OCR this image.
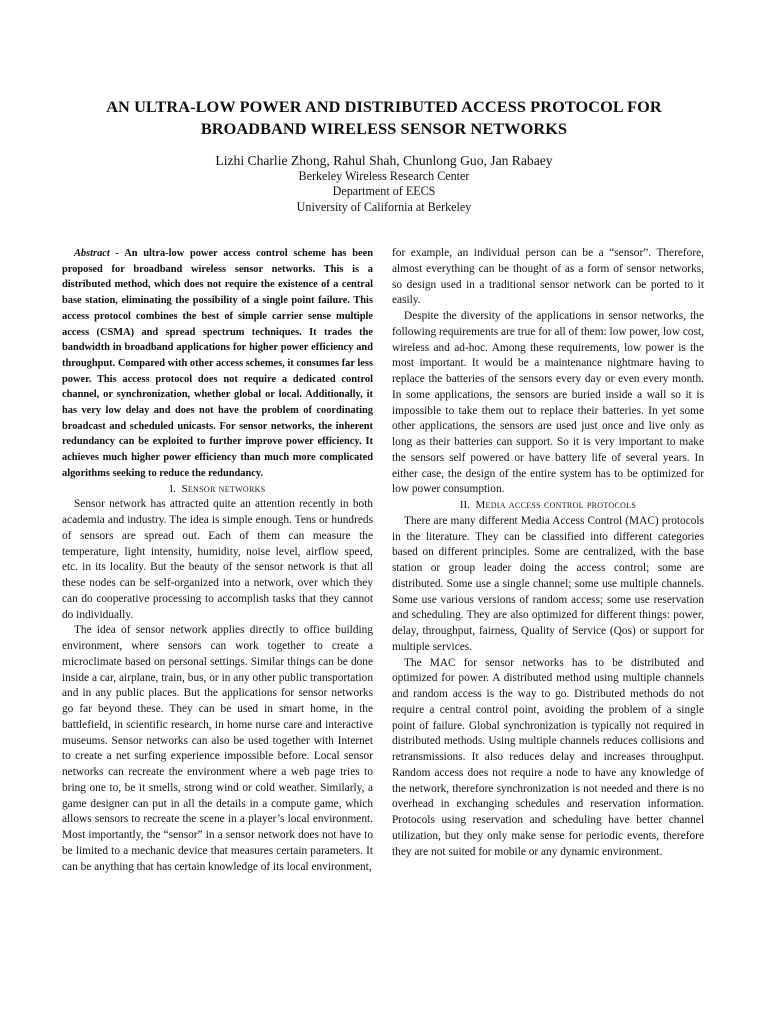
AN ULTRA-LOW POWER AND DISTRIBUTED ACCESS PROTOCOL FOR
BROADBAND WIRELESS SENSOR NETWORKS
Lizhi Charlie Zhong, Rahul Shah, Chunlong Guo, Jan Rabaey
Berkeley Wireless Research Center
Department of EECS
University of California at Berkeley

Abstract - An ultra-low power access control scheme has been proposed for broadband wireless sensor networks. This is a distributed method, which does not require the existence of a central base station, eliminating the possibility of a single point failure. This access protocol combines the best of simple carrier sense multiple access (CSMA) and spread spectrum techniques. It trades the bandwidth in broadband applications for higher power efficiency and throughput. Compared with other access schemes, it consumes far less power. This access protocol does not require a dedicated control channel, or synchronization, whether global or local. Additionally, it has very low delay and does not have the problem of coordinating broadcast and scheduled unicasts. For sensor networks, the inherent redundancy can be exploited to further improve power efficiency. It achieves much higher power efficiency than much more complicated algorithms seeking to reduce the redundancy.

I. Sensor networks

Sensor network has attracted quite an attention recently in both academia and industry. The idea is simple enough. Tens or hundreds of sensors are spread out. Each of them can measure the temperature, light intensity, humidity, noise level, airflow speed, etc. in its locality. But the beauty of the sensor network is that all these nodes can be self-organized into a network, over which they can do cooperative processing to accomplish tasks that they cannot do individually.

The idea of sensor network applies directly to office building environment, where sensors can work together to create a microclimate based on personal settings. Similar things can be done inside a car, airplane, train, bus, or in any other public transportation and in any public places. But the applications for sensor networks go far beyond these. They can be used in smart home, in the battlefield, in scientific research, in home nurse care and interactive museums. Sensor networks can also be used together with Internet to create a net surfing experience impossible before. Local sensor networks can recreate the environment where a web page tries to bring one to, be it smells, strong wind or cold weather. Similarly, a game designer can put in all the details in a compute game, which allows sensors to recreate the scene in a player’s local environment. Most importantly, the “sensor” in a sensor network does not have to be limited to a mechanic device that measures certain parameters. It can be anything that has certain knowledge of its local environment,

for example, an individual person can be a “sensor”. Therefore, almost everything can be thought of as a form of sensor networks, so design used in a traditional sensor network can be ported to it easily.

Despite the diversity of the applications in sensor networks, the following requirements are true for all of them: low power, low cost, wireless and ad-hoc. Among these requirements, low power is the most important. It would be a maintenance nightmare having to replace the batteries of the sensors every day or even every month. In some applications, the sensors are buried inside a wall so it is impossible to take them out to replace their batteries. In yet some other applications, the sensors are used just once and live only as long as their batteries can support. So it is very important to make the sensors self powered or have battery life of several years. In either case, the design of the entire system has to be optimized for low power consumption.

II. Media access control protocols

There are many different Media Access Control (MAC) protocols in the literature. They can be classified into different categories based on different principles. Some are centralized, with the base station or group leader doing the access control; some are distributed. Some use a single channel; some use multiple channels. Some use various versions of random access; some use reservation and scheduling. They are also optimized for different things: power, delay, throughput, fairness, Quality of Service (Qos) or support for multiple services.

The MAC for sensor networks has to be distributed and optimized for power. A distributed method using multiple channels and random access is the way to go. Distributed methods do not require a central control point, avoiding the problem of a single point of failure. Global synchronization is typically not required in distributed methods. Using multiple channels reduces collisions and retransmissions. It also reduces delay and increases throughput. Random access does not require a node to have any knowledge of the network, therefore synchronization is not needed and there is no overhead in exchanging schedules and reservation information. Protocols using reservation and scheduling have better channel utilization, but they only make sense for periodic events, therefore they are not suited for mobile or any dynamic environment.
